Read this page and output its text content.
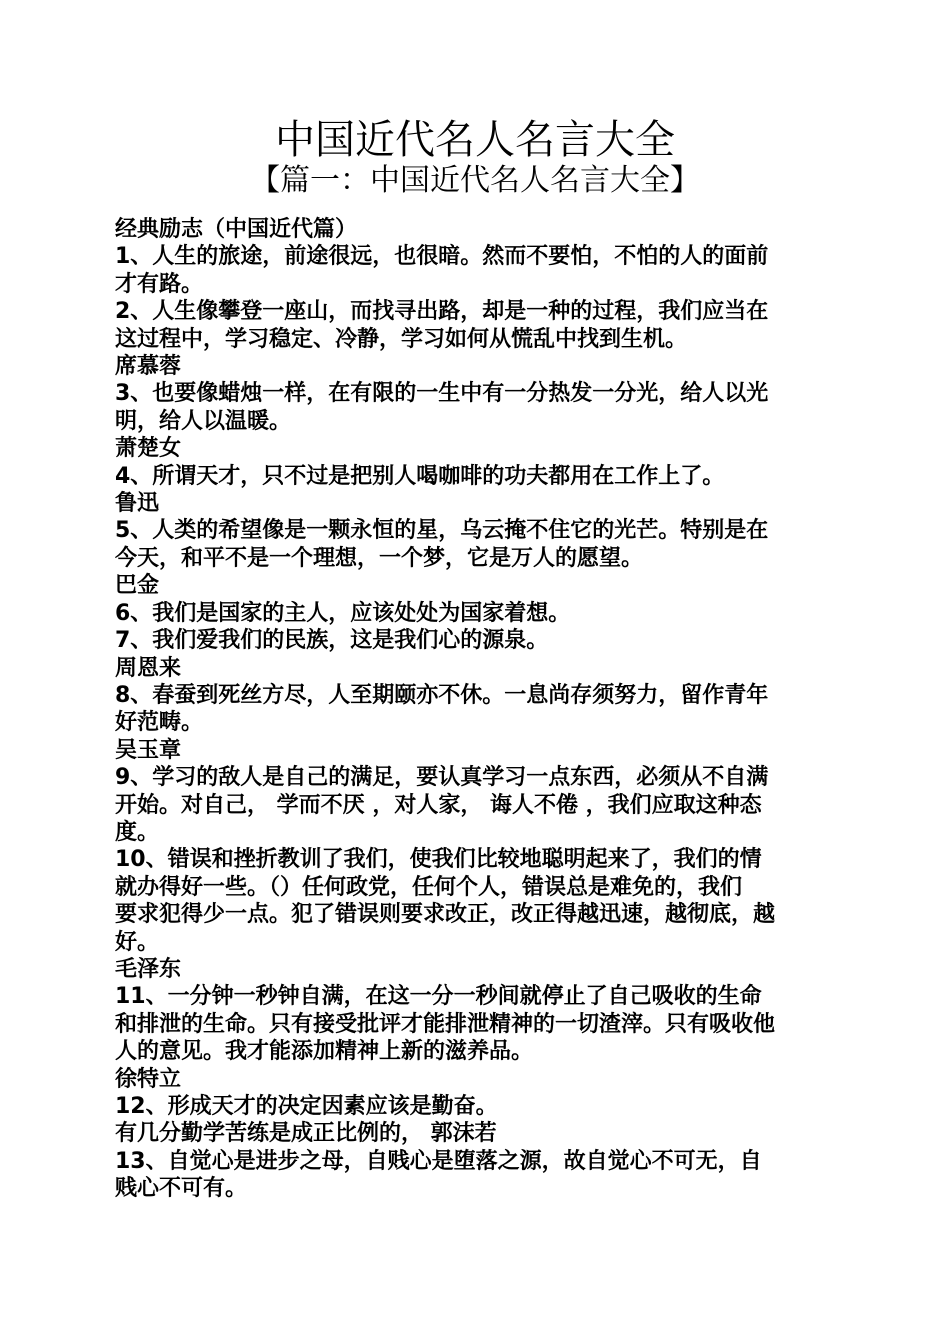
中国近代名人名言大全
【篇一：中国近代名人名言大全】
经典励志（中国近代篇）
1、人生的旅途，前途很远，也很暗。然而不要怕，不怕的人的面前
才有路。
2、人生像攀登一座山，而找寻出路，却是一种的过程，我们应当在
这过程中，学习稳定、冷静，学习如何从慌乱中找到生机。
席慕蓉
3、也要像蜡烛一样，在有限的一生中有一分热发一分光，给人以光
明，给人以温暖。
萧楚女
4、所谓天才，只不过是把别人喝咖啡的功夫都用在工作上了。
鲁迅
5、人类的希望像是一颗永恒的星，乌云掩不住它的光芒。特别是在
今天，和平不是一个理想，一个梦，它是万人的愿望。
巴金
6、我们是国家的主人，应该处处为国家着想。
7、我们爱我们的民族，这是我们心的源泉。
周恩来
8、春蚕到死丝方尽，人至期颐亦不休。一息尚存须努力，留作青年
好范畴。
吴玉章
9、学习的敌人是自己的满足，要认真学习一点东西，必须从不自满
开始。对自己， 学而不厌 ，对人家， 诲人不倦 ，我们应取这种态
度。
10、错误和挫折教训了我们，使我们比较地聪明起来了，我们的情
就办得好一些。（）任何政党，任何个人，错误总是难免的，我们
要求犯得少一点。犯了错误则要求改正，改正得越迅速，越彻底，越
好。
毛泽东
11、一分钟一秒钟自满，在这一分一秒间就停止了自己吸收的生命
和排泄的生命。只有接受批评才能排泄精神的一切渣滓。只有吸收他
人的意见。我才能添加精神上新的滋养品。
徐特立
12、形成天才的决定因素应该是勤奋。
有几分勤学苦练是成正比例的， 郭沫若
13、自觉心是进步之母，自贱心是堕落之源，故自觉心不可无，自
贱心不可有。
